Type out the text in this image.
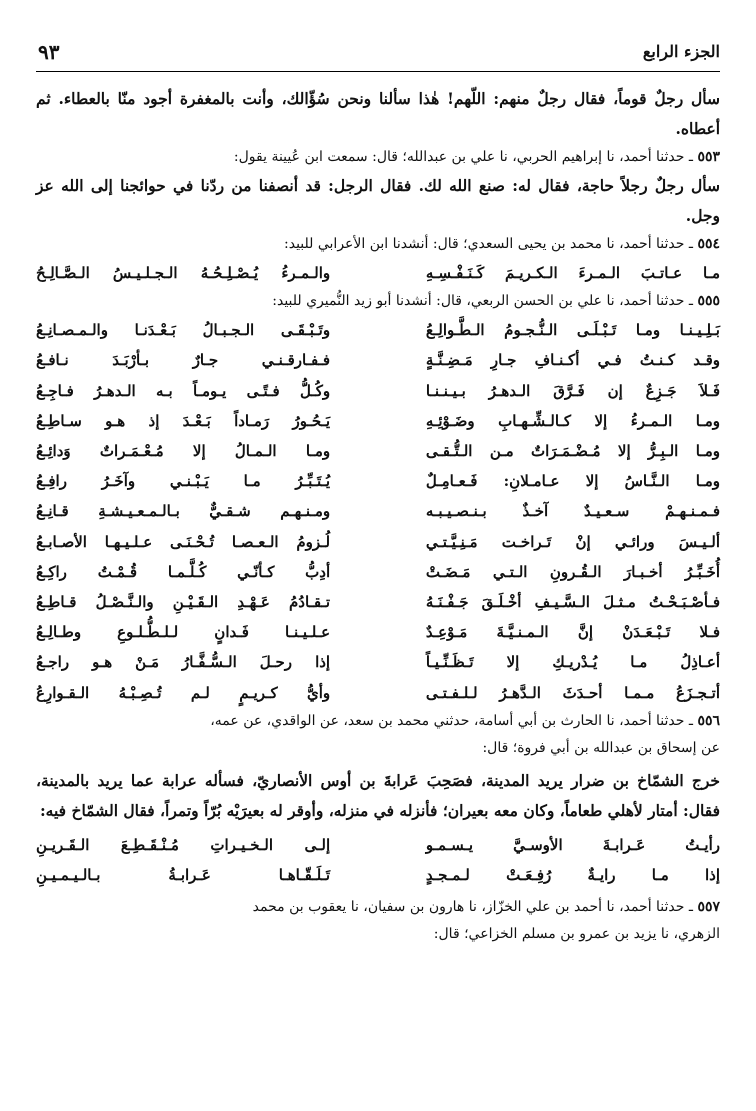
الجزء الرابع
٩٣

سأل رجلٌ قوماً، فقال رجلٌ منهم: اللّهم! هٰذا سألنا ونحن سُؤّالك، وأنت بالمغفرة أجود منّا بالعطاء. ثم أعطاه.

٥٥٣ ـ حدثنا أحمد، نا إبراهيم الحربي، نا علي بن عبدالله؛ قال: سمعت ابن عُيينة يقول:

سأل رجلٌ رجلاً حاجة، فقال له: صنع الله لك. فقال الرجل: قد أنصفنا من ردّنا في حوائجنا إلى الله عز وجل.

٥٥٤ ـ حدثنا أحمد، نا محمد بن يحيى السعدي؛ قال: أنشدنا ابن الأعرابي للبيد:

مـا عـاتـبَ الـمـرءَ الـكـريـمَ كَـنَـفْـسِـهِ
والـمـرءُ يُـصْـلِـحُـهُ الـجـلـيـسُ الـصَّـالِـحُ

٥٥٥ ـ حدثنا أحمد، نا علي بن الحسن الربعي، قال: أنشدنا أبو زيد النُّميري للبيد:

بَـلِـيـنـا ومـا تَـبْـلَـى الـنُّـجـومُ الـطَّـوالِـعُ
وتَـبْـقَـى الـجـبـالُ بَـعْـدَنـا والـمـصـانِـعُ
وقـد كـنـتُ فـي أكـنـافِ جـارِ مَـضِـنَّـةٍ
فـفـارقـنـي جـارٌ بـأرْبَـدَ نـافـعُ
فَـلاَ جَـزِعٌ إن فَـرَّقَ الـدهـرُ بـيـنـنـا
وكُـلُّ فـتًـى يـومـاً بـه الـدهـرُ فـاجِـعُ
ومـا الـمـرءُ إلا كـالـشِّـهـابِ وضَـوْئِـهِ
يَـحُـورُ رَمـاداً بَـعْـدَ إذ هـو سـاطِـعُ
ومـا الـبِـرُّ إلا مُـضْـمَـرَاتٌ مـن الـتُّـقـى
ومـا الـمـالُ إلا مُـعْـمَـراتٌ وَدائِـعُ
ومـا الـنَّـاسُ إلا عـامـلانِ: فَـعـامِـلٌ
يُـتَـبِّـرُ مـا يَـبْـنـي وآخَـرُ رافِـعُ
فـمـنـهـمْ سـعـيـدٌ آخـذٌ بـنـصـيـبـه
ومـنـهـم شـقـيٌّ بـالـمـعـيـشـةِ قـانِـعُ
ألـيـسَ ورائـي إنْ تَـراخـت مَـنِـيَّـتـي
لُـزومُ الـعـصـا تُـحْـنَـى عـلـيـهـا الأصـابـعُ
أُخَـبِّـرُ أخـبـارَ الـقُـرونِ الـتـي مَـضَـتْ
أدِبُّ كـأنّـي كُـلَّـمـا قُـمْـتُ راكِـعُ
فـأصْـبَـحْـتُ مـثـلَ الـسَّـيـفِ أخْـلَـقَ جَـفْـنَـهُ
تـقـادُمُ عَـهْـدِ الـقَـيْـنِ والـنَّـصْـلُ قـاطِـعُ
فـلا تَـبْـعَـدَنْ إنَّ الـمـنـيَّـةَ مَـوْعِـدٌ
عـلـيـنـا فَـدانٍ لـلـطُّـلـوعِ وطـالِـعُ
أعـاذِلُ مـا يُـدْريـكِ إلا تَـظَـنِّـيـاً
إذا رحـلَ الـسُّـفَّـارُ مَـنْ هـو راجـعُ
أتـجـزَعُ مـمـا أحـدَثَ الـدَّهـرُ لـلـفـتـى
وأيُّ كـريـمٍ لـم تُـصِـبْـهُ الـقـوارِعُ

٥٥٦ ـ حدثنا أحمد، نا الحارث بن أبي أسامة، حدثني محمد بن سعد، عن الواقدي، عن عمه،

عن إسحاق بن عبدالله بن أبي فروة؛ قال:

خرج الشمّاخ بن ضرار يريد المدينة، فصَحِبَ عَرابةَ بن أوس الأنصاريّ، فسأله عرابة عما يريد بالمدينة، فقال: أمتار لأهلي طعاماً، وكان معه بعيران؛ فأنزله في منزله، وأوقر له بعيرَيْه بُرّاً وتمراً، فقال الشمّاخ فيه:

رأيـتُ عَـرابـةَ الأوسـيَّ يـسـمـو
إلـى الـخـيـراتِ مُـنْـقَـطِـعَ الـقَـريـنِ
إذا مـا رايـةٌ رُفِـعَـتْ لـمـجـدٍ
تَـلَـقّـاهـا عَـرابـةُ بـالـيـمـيـنِ

٥٥٧ ـ حدثنا أحمد، نا أحمد بن علي الخزّاز، نا هارون بن سفيان، نا يعقوب بن محمد

الزهري، نا يزيد بن عمرو بن مسلم الخزاعي؛ قال:
